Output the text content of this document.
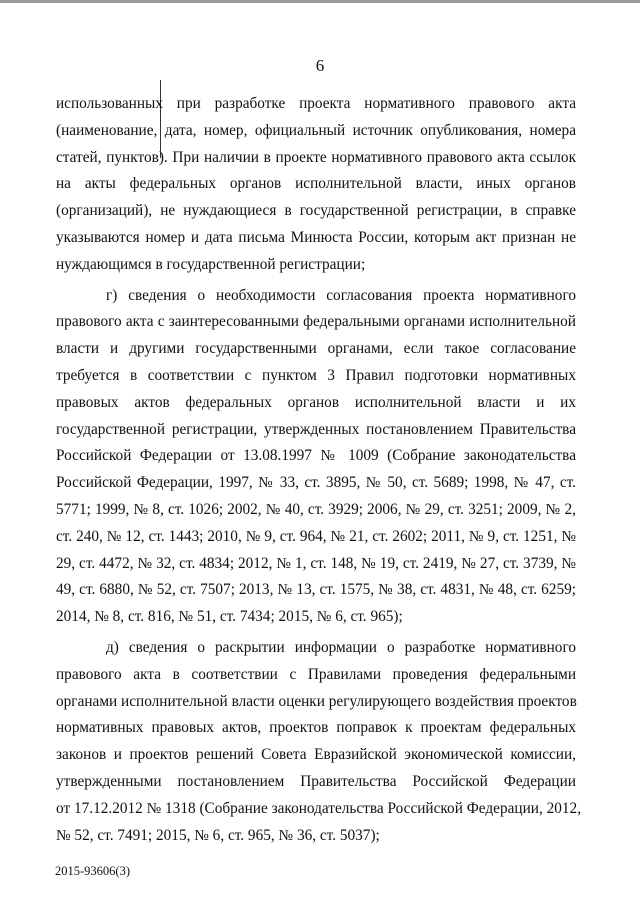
6
использованных при разработке проекта нормативного правового акта
(наименование, дата, номер, официальный источник опубликования, номера
статей, пунктов). При наличии в проекте нормативного правового акта ссылок
на акты федеральных органов исполнительной власти, иных органов
(организаций), не нуждающиеся в государственной регистрации, в справке
указываются номер и дата письма Минюста России, которым акт признан не
нуждающимся в государственной регистрации;
г) сведения о необходимости согласования проекта нормативного
правового акта с заинтересованными федеральными органами исполнительной
власти и другими государственными органами, если такое согласование
требуется в соответствии с пунктом 3 Правил подготовки нормативных
правовых актов федеральных органов исполнительной власти и их
государственной регистрации, утвержденных постановлением Правительства
Российской Федерации от 13.08.1997 № 1009 (Собрание законодательства
Российской Федерации, 1997, № 33, ст. 3895, № 50, ст. 5689; 1998, № 47, ст.
5771; 1999, № 8, ст. 1026; 2002, № 40, ст. 3929; 2006, № 29, ст. 3251; 2009, № 2,
ст. 240, № 12, ст. 1443; 2010, № 9, ст. 964, № 21, ст. 2602; 2011, № 9, ст. 1251, №
29, ст. 4472, № 32, ст. 4834; 2012, № 1, ст. 148, № 19, ст. 2419, № 27, ст. 3739, №
49, ст. 6880, № 52, ст. 7507; 2013, № 13, ст. 1575, № 38, ст. 4831, № 48, ст. 6259;
2014, № 8, ст. 816, № 51, ст. 7434; 2015, № 6, ст. 965);
д) сведения о раскрытии информации о разработке нормативного
правового акта в соответствии с Правилами проведения федеральными
органами исполнительной власти оценки регулирующего воздействия проектов
нормативных правовых актов, проектов поправок к проектам федеральных
законов и проектов решений Совета Евразийской экономической комиссии,
утвержденными постановлением Правительства Российской Федерации
от 17.12.2012 № 1318 (Собрание законодательства Российской Федерации, 2012,
№ 52, ст. 7491; 2015, № 6, ст. 965, № 36, ст. 5037);
2015-93606(3)
